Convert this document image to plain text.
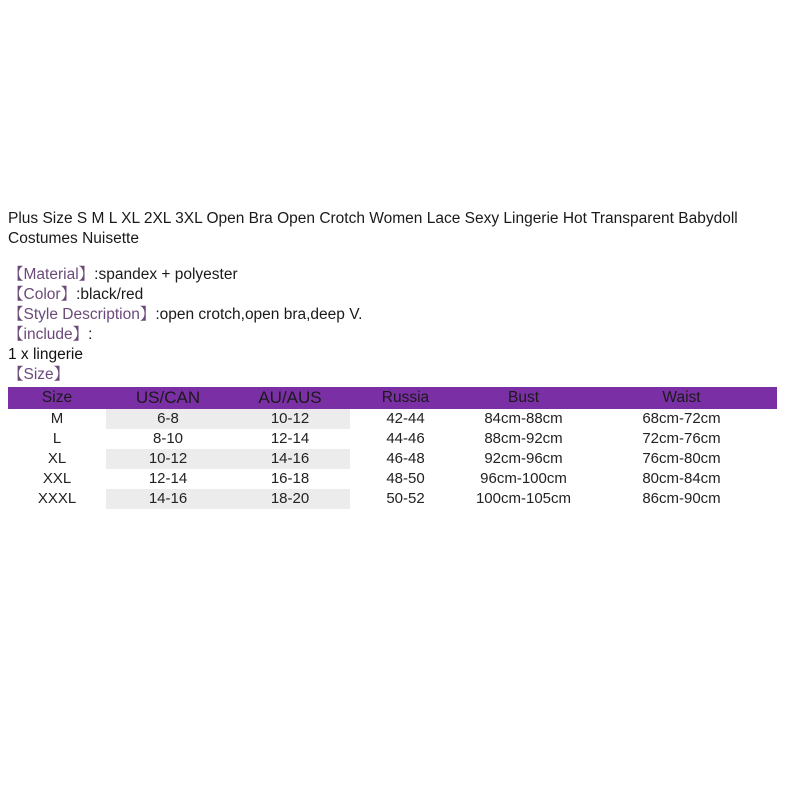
Plus Size S M L XL 2XL 3XL Open Bra Open Crotch Women Lace Sexy Lingerie Hot Transparent Babydoll Costumes Nuisette
【Material】:spandex + polyester
【Color】:black/red
【Style Description】:open crotch,open bra,deep V.
【include】:
1 x lingerie
【Size】
Size	US/CAN	AU/AUS	Russia	Bust	Waist
M	6-8	10-12	42-44	84cm-88cm	68cm-72cm
L	8-10	12-14	44-46	88cm-92cm	72cm-76cm
XL	10-12	14-16	46-48	92cm-96cm	76cm-80cm
XXL	12-14	16-18	48-50	96cm-100cm	80cm-84cm
XXXL	14-16	18-20	50-52	100cm-105cm	86cm-90cm
